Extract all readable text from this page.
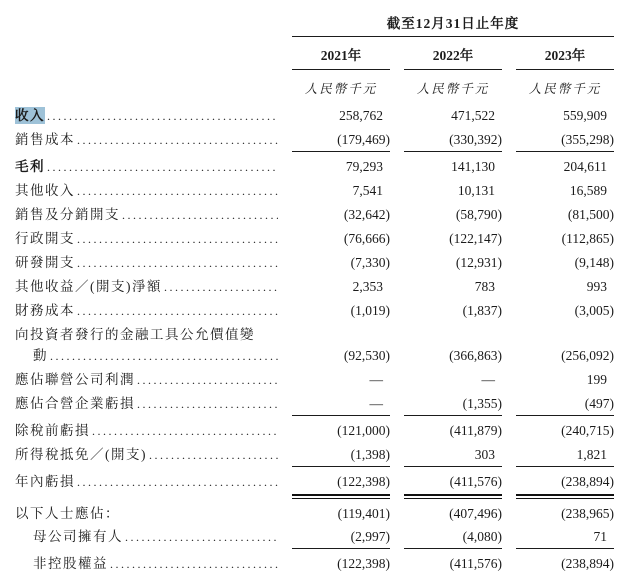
截至12月31日止年度
2021年	2022年	2023年
人民幣千元	人民幣千元	人民幣千元
收入 .....	258,762	471,522	559,909
銷售成本 .....	(179,469)	(330,392)	(355,298)
毛利 .....	79,293	141,130	204,611
其他收入 .....	7,541	10,131	16,589
銷售及分銷開支 .....	(32,642)	(58,790)	(81,500)
行政開支 .....	(76,666)	(122,147)	(112,865)
研發開支 .....	(7,330)	(12,931)	(9,148)
其他收益／(開支)淨額 .....	2,353	783	993
財務成本 .....	(1,019)	(1,837)	(3,005)
向投資者發行的金融工具公允價值變
動 .....	(92,530)	(366,863)	(256,092)
應佔聯營公司利潤 .....	—	—	199
應佔合營企業虧損 .....	—	(1,355)	(497)
除稅前虧損 .....	(121,000)	(411,879)	(240,715)
所得稅抵免／(開支) .....	(1,398)	303	1,821
年內虧損 .....	(122,398)	(411,576)	(238,894)
以下人士應佔：	(119,401)	(407,496)	(238,965)
母公司擁有人 .....	(2,997)	(4,080)	71
非控股權益 .....	(122,398)	(411,576)	(238,894)
